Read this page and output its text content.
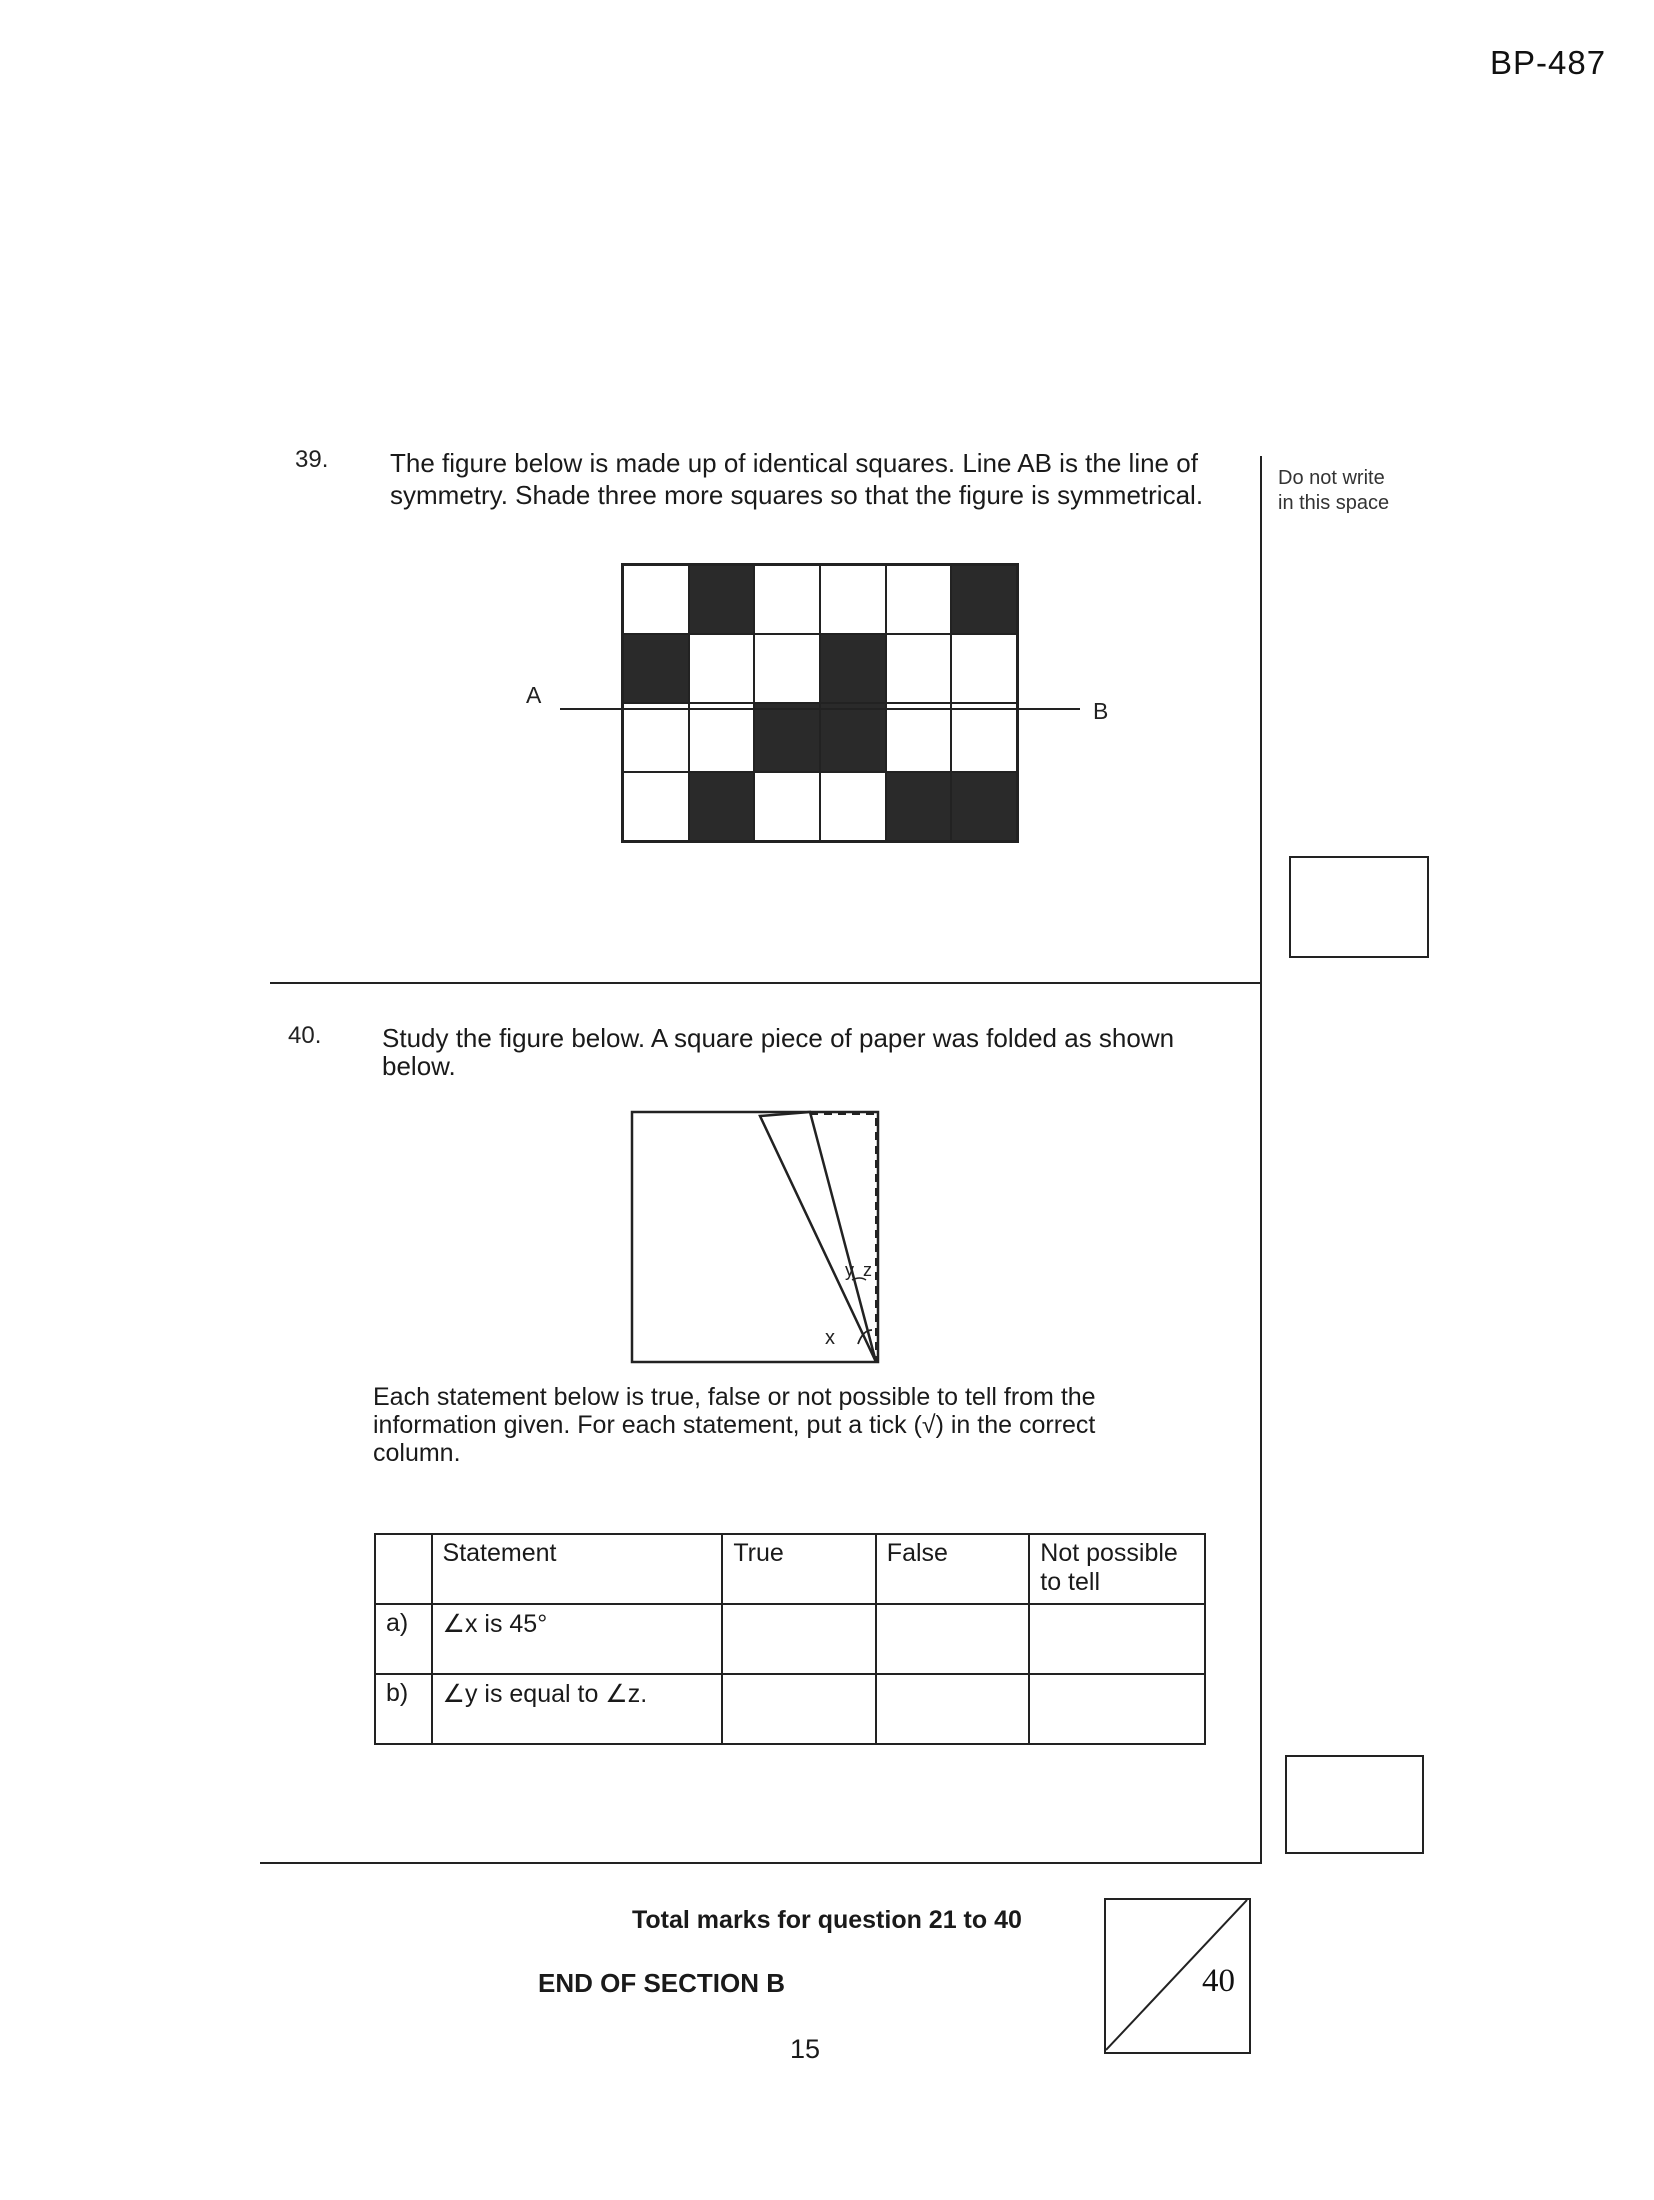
BP-487
Do not write
in this space
39. The figure below is made up of identical squares. Line AB is the line of
symmetry. Shade three more squares so that the figure is symmetrical.
A
B
40. Study the figure below. A square piece of paper was folded as shown
below.
x
y z
Each statement below is true, false or not possible to tell from the
information given. For each statement, put a tick (√) in the correct
column.
	Statement	True	False	Not possible to tell
a)	∠x is 45°			
b)	∠y is equal to ∠z.			
Total marks for question 21 to 40
END OF SECTION B
15
40
